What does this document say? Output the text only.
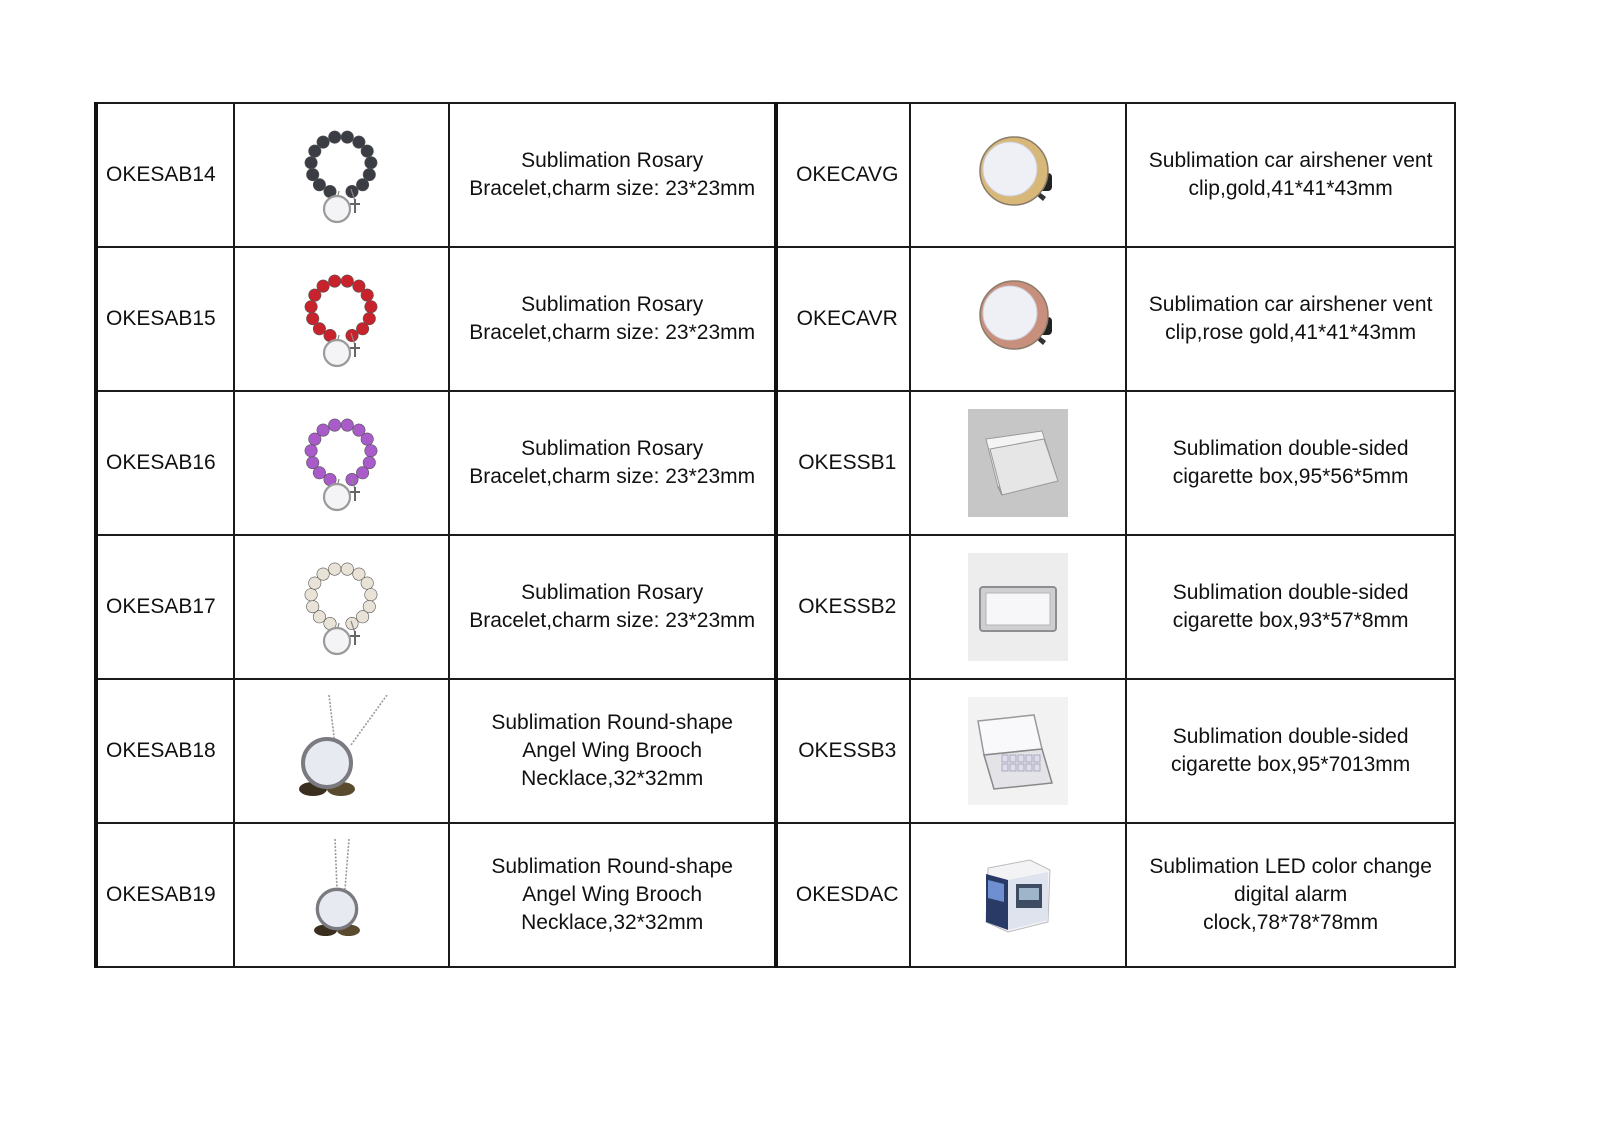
OKESAB14		Sublimation Rosary
Bracelet,charm size: 23*23mm	OKECAVG		Sublimation car airshener vent
clip,gold,41*41*43mm

OKESAB15		Sublimation Rosary
Bracelet,charm size: 23*23mm	OKECAVR		Sublimation car airshener vent
clip,rose gold,41*41*43mm

OKESAB16		Sublimation Rosary
Bracelet,charm size: 23*23mm	OKESSB1		Sublimation double-sided
cigarette box,95*56*5mm

OKESAB17		Sublimation Rosary
Bracelet,charm size: 23*23mm	OKESSB2		Sublimation double-sided
cigarette box,93*57*8mm

OKESAB18		Sublimation Round-shape
Angel Wing Brooch
Necklace,32*32mm	OKESSB3		Sublimation double-sided
cigarette box,95*7013mm

OKESAB19		Sublimation Round-shape
Angel Wing Brooch
Necklace,32*32mm	OKESDAC		Sublimation LED color change
digital alarm
clock,78*78*78mm
